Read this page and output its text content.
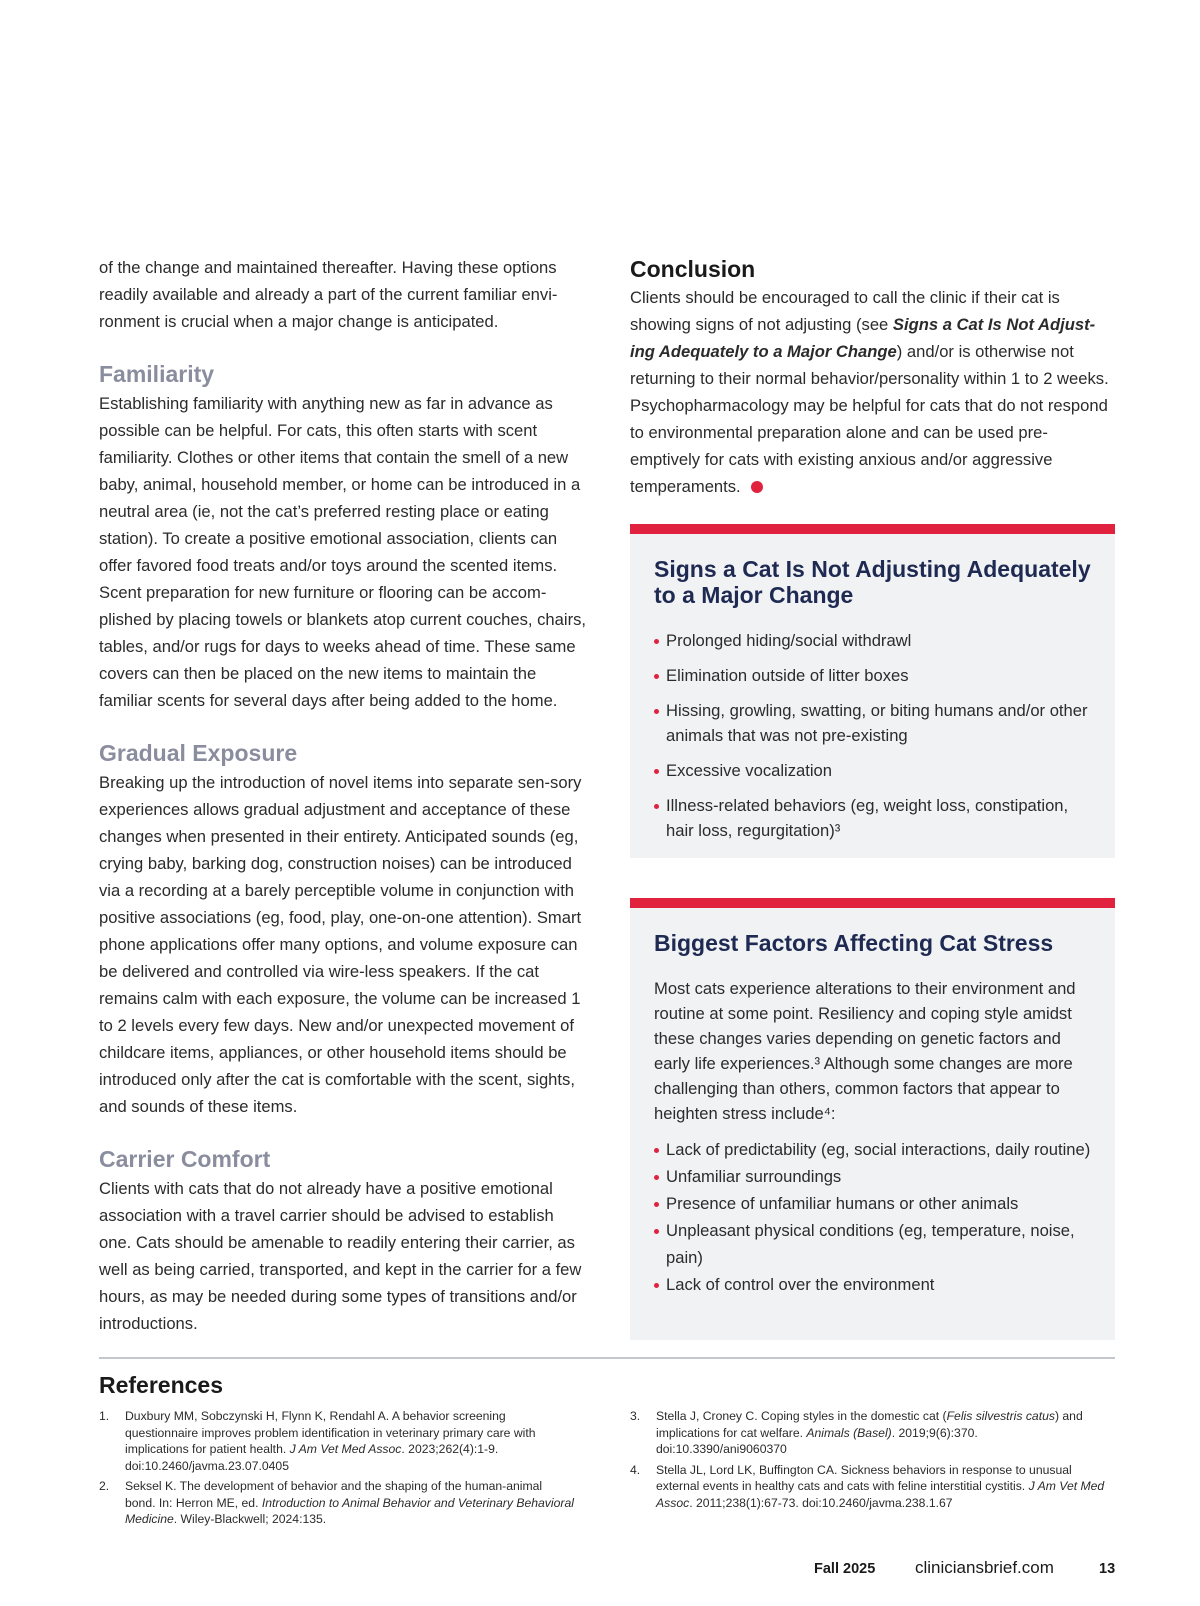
of the change and maintained thereafter. Having these options readily available and already a part of the current familiar envi-ronment is crucial when a major change is anticipated.

Familiarity

Establishing familiarity with anything new as far in advance as possible can be helpful. For cats, this often starts with scent familiarity. Clothes or other items that contain the smell of a new baby, animal, household member, or home can be introduced in a neutral area (ie, not the cat’s preferred resting place or eating station). To create a positive emotional association, clients can offer favored food treats and/or toys around the scented items. Scent preparation for new furniture or flooring can be accom-plished by placing towels or blankets atop current couches, chairs, tables, and/or rugs for days to weeks ahead of time. These same covers can then be placed on the new items to maintain the familiar scents for several days after being added to the home.

Gradual Exposure

Breaking up the introduction of novel items into separate sen-sory experiences allows gradual adjustment and acceptance of these changes when presented in their entirety. Anticipated sounds (eg, crying baby, barking dog, construction noises) can be introduced via a recording at a barely perceptible volume in conjunction with positive associations (eg, food, play, one-on-one attention). Smart phone applications offer many options, and volume exposure can be delivered and controlled via wire-less speakers. If the cat remains calm with each exposure, the volume can be increased 1 to 2 levels every few days. New and/or unexpected movement of childcare items, appliances, or other household items should be introduced only after the cat is comfortable with the scent, sights, and sounds of these items.

Carrier Comfort

Clients with cats that do not already have a positive emotional association with a travel carrier should be advised to establish one. Cats should be amenable to readily entering their carrier, as well as being carried, transported, and kept in the carrier for a few hours, as may be needed during some types of transitions and/or introductions.

Conclusion

Clients should be encouraged to call the clinic if their cat is showing signs of not adjusting (see Signs a Cat Is Not Adjust-ing Adequately to a Major Change) and/or is otherwise not returning to their normal behavior/personality within 1 to 2 weeks. Psychopharmacology may be helpful for cats that do not respond to environmental preparation alone and can be used pre-emptively for cats with existing anxious and/or aggressive temperaments.

Signs a Cat Is Not Adjusting Adequately to a Major Change
Prolonged hiding/social withdrawl
Elimination outside of litter boxes
Hissing, growling, swatting, or biting humans and/or other animals that was not pre-existing
Excessive vocalization
Illness-related behaviors (eg, weight loss, constipation, hair loss, regurgitation)³
Biggest Factors Affecting Cat Stress

Most cats experience alterations to their environment and routine at some point. Resiliency and coping style amidst these changes varies depending on genetic factors and early life experiences.³ Although some changes are more challenging than others, common factors that appear to heighten stress include⁴:

Lack of predictability (eg, social interactions, daily routine)
Unfamiliar surroundings
Presence of unfamiliar humans or other animals
Unpleasant physical conditions (eg, temperature, noise, pain)
Lack of control over the environment
References
1. Duxbury MM, Sobczynski H, Flynn K, Rendahl A. A behavior screening questionnaire improves problem identification in veterinary primary care with implications for patient health. J Am Vet Med Assoc. 2023;262(4):1-9. doi:10.2460/javma.23.07.0405
2. Seksel K. The development of behavior and the shaping of the human-animal bond. In: Herron ME, ed. Introduction to Animal Behavior and Veterinary Behavioral Medicine. Wiley-Blackwell; 2024:135.
3. Stella J, Croney C. Coping styles in the domestic cat (Felis silvestris catus) and implications for cat welfare. Animals (Basel). 2019;9(6):370. doi:10.3390/ani9060370
4. Stella JL, Lord LK, Buffington CA. Sickness behaviors in response to unusual external events in healthy cats and cats with feline interstitial cystitis. J Am Vet Med Assoc. 2011;238(1):67-73. doi:10.2460/javma.238.1.67
Fall 2025 cliniciansbrief.com	13
